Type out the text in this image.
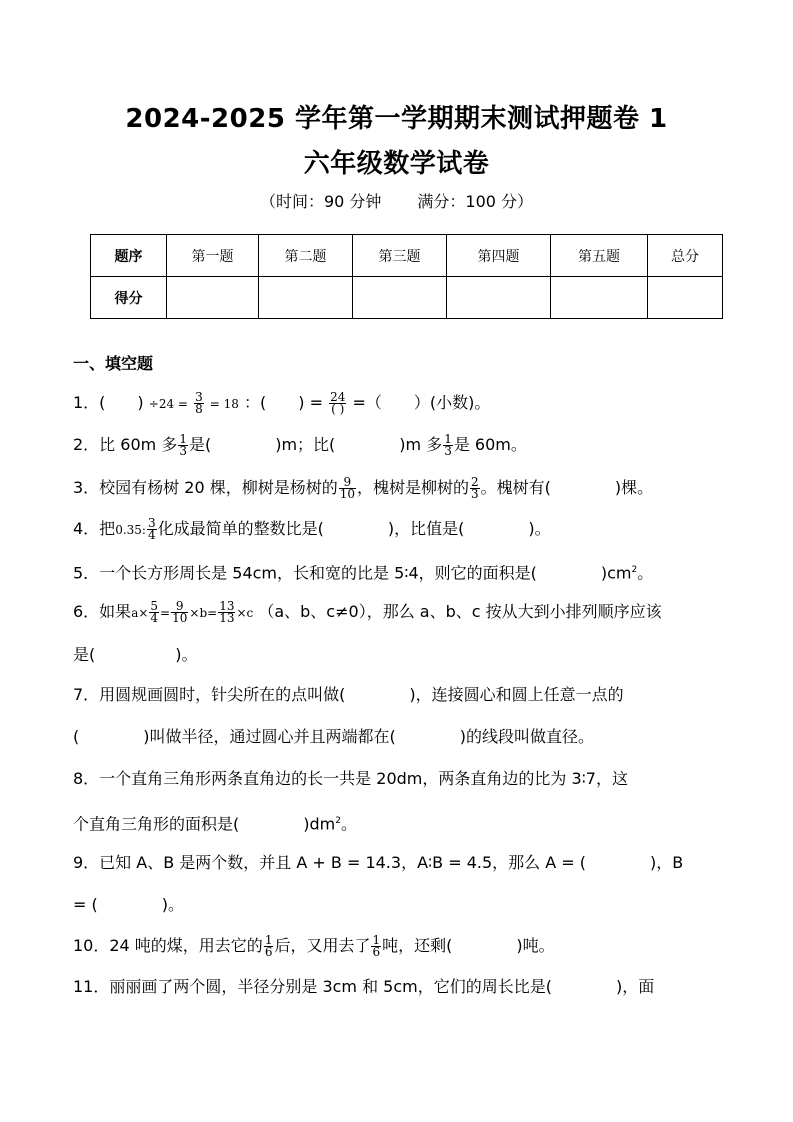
2024-2025 学年第一学期期末测试押题卷 1
六年级数学试卷
（时间：90 分钟 满分：100 分）
题序	第一题	第二题	第三题	第四题	第五题	总分
得分						
一、填空题
1．(　　) $\div 24 = \frac{3}{8} = 18$ ：(　　) = $\frac{24}{( )}$ =（　　）(小数)。
2．比 60m 多 $\frac{1}{3}$ 是(　　　　)m；比(　　　　)m 多 $\frac{1}{3}$ 是 60m。
3．校园有杨树 20 棵，柳树是杨树的 $\frac{9}{10}$ ，槐树是柳树的 $\frac{2}{3}$ 。槐树有(　　　　)棵。
4．把0.35: $\frac{3}{4}$ 化成最简单的整数比是(　　　　)，比值是(　　　　)。
5．一个长方形周长是 54cm，长和宽的比是 5∶4，则它的面积是(　　　　)$cm^2$。
6．如果$a\times \frac{5}{4} = \frac{9}{10} \times b= \frac{13}{13} \times c$ （a、b、c≠0），那么 a、b、c 按从大到小排列顺序应该
是(　　　　　)。
7．用圆规画圆时，针尖所在的点叫做(　　　　)，连接圆心和圆上任意一点的
(　　　　)叫做半径，通过圆心并且两端都在(　　　　)的线段叫做直径。
8．一个直角三角形两条直角边的长一共是 20dm，两条直角边的比为 3∶7，这
个直角三角形的面积是(　　　　)$dm^2$。
9．已知 A、B 是两个数，并且 A + B = 14.3，A∶B = 4.5，那么 A = (　　　　)，B
= (　　　　)。
10．24 吨的煤，用去它的 $\frac{1}{6}$ 后，又用去了 $\frac{1}{6}$ 吨，还剩(　　　　)吨。
11．丽丽画了两个圆，半径分别是 3cm 和 5cm，它们的周长比是(　　　　)，面
